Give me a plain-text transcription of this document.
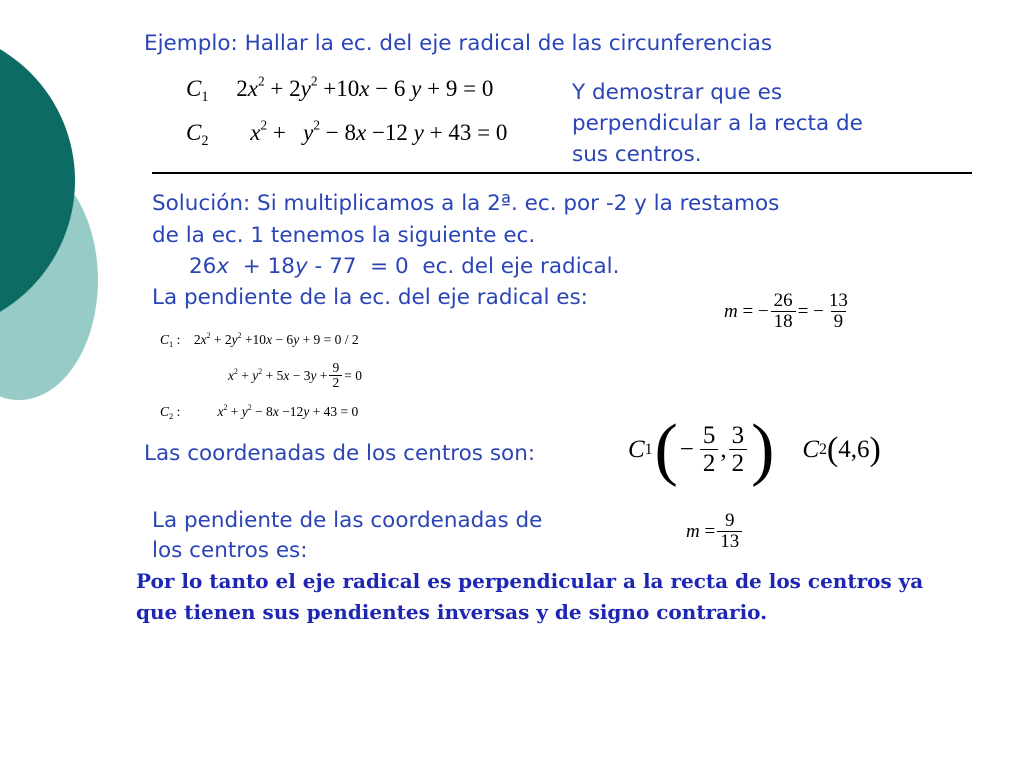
Ejemplo: Hallar la ec. del eje radical de las circunferencias

$C_1$ $2x^2 + 2y^2 +10x - 6$ y + 9 = 0
$C_2$ $x^2 + y^2 - 8x -12$ y + 43 = 0
Y demostrar que es
perpendicular a la recta de
sus centros.

Solución: Si multiplicamos a la 2ª. ec. por -2 y la restamos

de la ec. 1 tenemos la siguiente ec.

26x  + 18y - 77  = 0  ec. del eje radical.

La pendiente de la ec. del eje radical es:

m = − $\frac{26}{18}$ = − $\frac{13}{9}$
$C_1$ :    $2x^2 + 2y^2 +10x - 6y + 9 = 0 / 2$
$x^2 + y^2 + 5x - 3y + \frac{9}{2} = 0$
$C_2$ :           $x^2 + y^2 - 8x -12y + 43 = 0$

Las coordenadas de los centros son:	C 1 ( − $\frac{5}{2}$ , $\frac{3}{2}$ ) C 2 ( 4,6 )

La pendiente de las coordenadas de

los centros es:

$m = \frac{9}{13}$

Por lo tanto el eje radical es perpendicular a la recta de los centros ya que tienen sus pendientes inversas y de signo contrario.
